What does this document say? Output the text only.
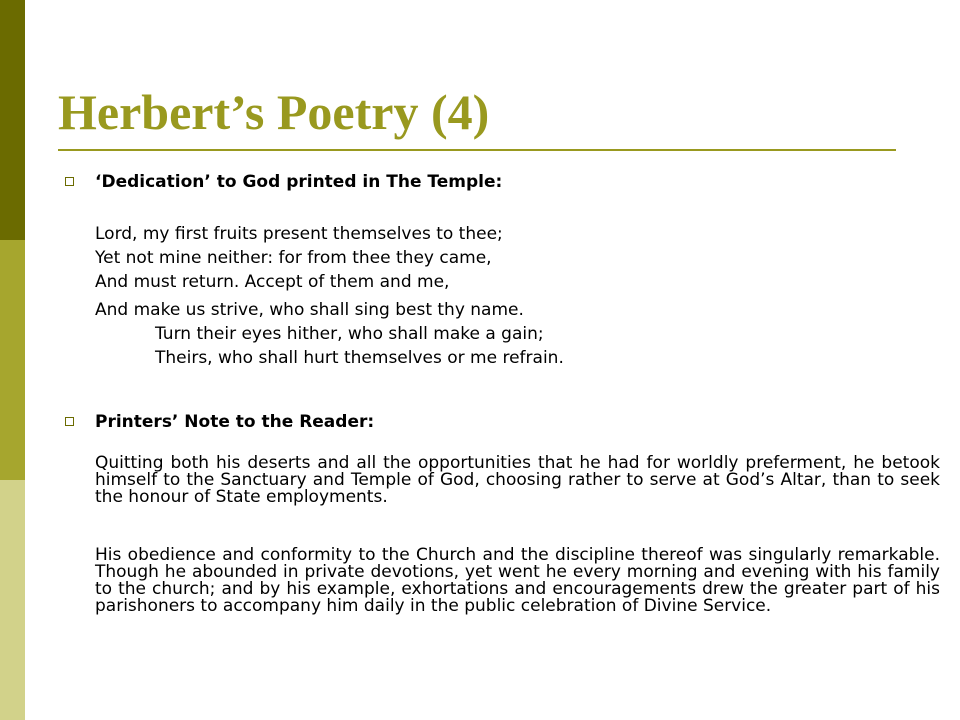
Herbert’s Poetry (4)

‘Dedication’ to God printed in The Temple:

Lord, my first fruits present themselves to thee;

Yet not mine neither: for from thee they came,

And must return. Accept of them and me,

And make us strive, who shall sing best thy name.

Turn their eyes hither, who shall make a gain;

Theirs, who shall hurt themselves or me refrain.

Printers’ Note to the Reader:

Quitting both his deserts and all the opportunities that he had for worldly preferment, he betook himself to the Sanctuary and Temple of God, choosing rather to serve at God’s Altar, than to seek the honour of State employments.

His obedience and conformity to the Church and the discipline thereof was singularly remarkable. Though he abounded in private devotions, yet went he every morning and evening with his family to the church; and by his example, exhortations and encouragements drew the greater part of his parishoners to accompany him daily in the public celebration of Divine Service.
